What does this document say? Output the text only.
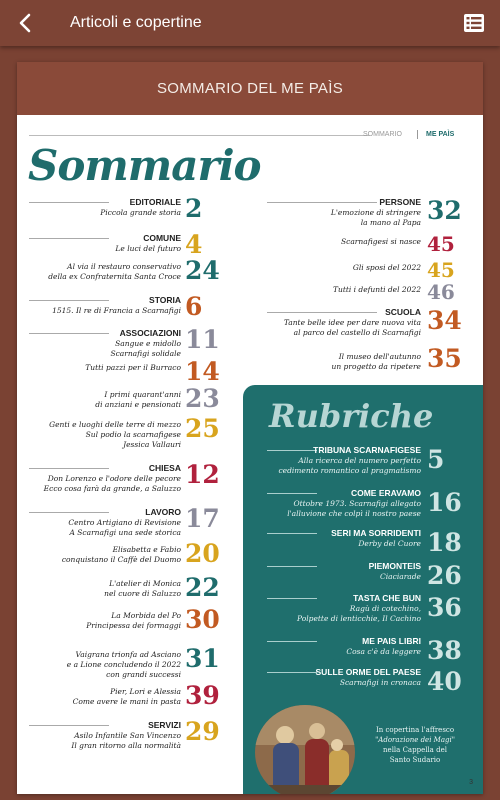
Articoli e copertine
SOMMARIO DEL ME PAÌS
SOMMARIO	ME PAÌS
Sommario
EDITORIALE
Piccola grande storia 2
COMUNE
Le luci del futuro 4
Al via il restauro conservativo
della ex Confraternita Santa Croce 24
STORIA
1515. Il re di Francia a Scarnafigi 6
ASSOCIAZIONI
Sangue e midollo
Scarnafigi solidale 11
Tutti pazzi per il Burraco 14
I primi quarant'anni
di anziani e pensionati 23
Genti e luoghi delle terre di mezzo
Sul podio la scarnafigese
Jessica Vallauri
25
CHIESA
Don Lorenzo e l'odore delle pecore
Ecco cosa farà da grande, a Saluzzo 12
LAVORO
Centro Artigiano di Revisione
A Scarnafigi una sede storica 17
Elisabetta e Fabio
conquistano il Caffè del Duomo 20
L'atelier di Monica
nel cuore di Saluzzo 22
La Morbida del Po
Principessa dei formaggi 30
Vaigrana trionfa ad Asciano
e a Lione concludendo il 2022
con grandi successi
31
Pier, Lori e Alessia
Come avere le mani in pasta 39
SERVIZI
Asilo Infantile San Vincenzo
Il gran ritorno alla normalità 29
PERSONE
L'emozione di stringere
la mano al Papa 32
Scarnafigesi si nasce 45
Gli sposi del 2022 45
Tutti i defunti del 2022 46
SCUOLA
Tante belle idee per dare nuova vita
al parco del castello di Scarnafigi 34
Il museo dell'autunno
un progetto da ripetere 35
Rubriche
TRIBUNA SCARNAFIGESE
Alla ricerca del numero perfetto
cedimento romantico al pragmatismo 5
COME ERAVAMO
Ottobre 1973. Scarnafigi allegato
l'alluvione che colpì il nostro paese 16
SERI MA SORRIDENTI
Derby del Cuore 18
PIEMONTEIS
Ciaciarade 26
TASTA CHE BUN
Ragù di cotechino,
Polpette di lenticchie, Il Cachino 36
ME PAIS LIBRI
Cosa c'è da leggere 38
SULLE ORME DEL PAESE
Scarnafigi in cronaca 40
In copertina l'affresco
"Adorazione dei Magi"
nella Cappella del
Santo Sudario
3
